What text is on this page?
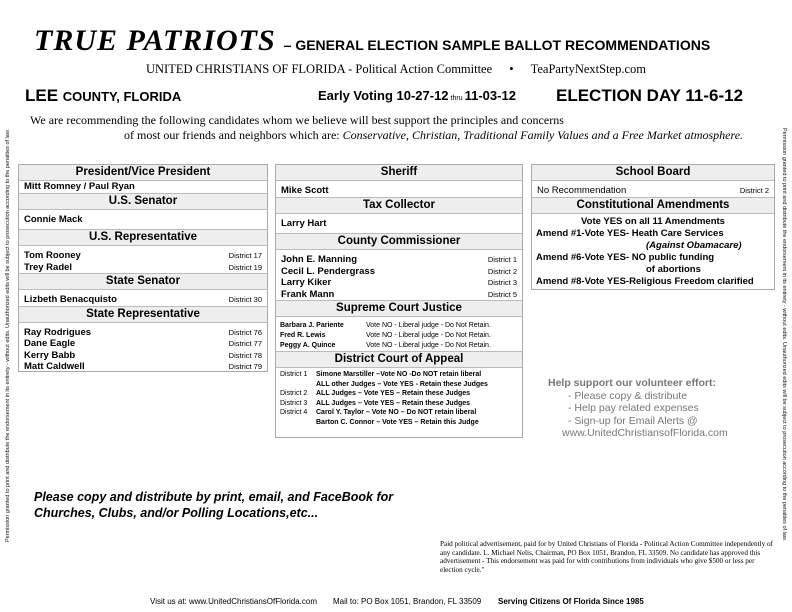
Permission granted to print and distribute the endorsement in its entirety - without edits. Unauthorized edits will be subject to prosecution according to the penalties of law.	Permission granted to print and distribute the endorsement in its entirety - without edits. Unauthorized edits will be subject to prosecution according to the penalties of law.
TRUE PATRIOTS – GENERAL ELECTION SAMPLE BALLOT RECOMMENDATIONS
UNITED CHRISTIANS OF FLORIDA - Political Action Committee • TeaPartyNextStep.com
LEE COUNTY, FLORIDA	Early Voting 10-27-12 thru 11-03-12 ELECTION DAY 11-6-12
We are recommending the following candidates whom we believe will best support the principles and concerns
of most our friends and neighbors which are: Conservative, Christian, Traditional Family Values and a Free Market atmosphere.
President/Vice President
Mitt Romney / Paul Ryan
U.S. Senator
Connie Mack
U.S. Representative
Tom Rooney	District 17
Trey Radel	District 19
State Senator
Lizbeth Benacquisto	District 30
State Representative
Ray Rodrigues	District 76
Dane Eagle	District 77
Kerry Babb	District 78
Matt Caldwell	District 79
Sheriff
Mike Scott
Tax Collector
Larry Hart
County Commissioner
John E. Manning	District 1
Cecil L. Pendergrass	District 2
Larry Kiker	District 3
Frank Mann	District 5
Supreme Court Justice
Barbara J. Pariente	Vote NO - Liberal judge - Do Not Retain.
Fred R. Lewis	Vote NO - Liberal judge - Do Not Retain.
Peggy A. Quince	Vote NO - Liberal judge - Do Not Retain.
District Court of Appeal
District 1	Simone Marstiller –Vote NO -Do NOT retain liberal
ALL other Judges – Vote YES - Retain these Judges
District 2	ALL Judges – Vote YES – Retain these Judges
District 3	ALL Judges – Vote YES – Retain these Judges
District 4	Carol Y. Taylor – Vote NO – Do NOT retain liberal
Barton C. Connor – Vote YES – Retain this Judge
School Board
No Recommendation	District 2
Constitutional Amendments
Vote YES on all 11 Amendments
Amend #1-Vote YES- Heath Care Services
(Against Obamacare)
Amend #6-Vote YES- NO public funding
of abortions
Amend #8-Vote YES-Religious Freedom clarified
Help support our volunteer effort:
- Please copy & distribute
- Help pay related expenses
- Sign-up for Email Alerts @
www.UnitedChristiansofFlorida.com
Please copy and distribute by print, email, and FaceBook for Churches, Clubs, and/or Polling Locations,etc...
Paid political advertisement, paid for by United Christians of Florida - Political Action Committee independently of any candidate. L. Michael Nelis, Chairman, PO Box 1051, Brandon, FL 33509. No candidate has approved this advertisement - This endorsement was paid for with contributions from individuals who give $500 or less per election cycle."
Visit us at: www.UnitedChristiansOfFlorida.com Mail to: PO Box 1051, Brandon, FL 33509 Serving Citizens Of Florida Since 1985
